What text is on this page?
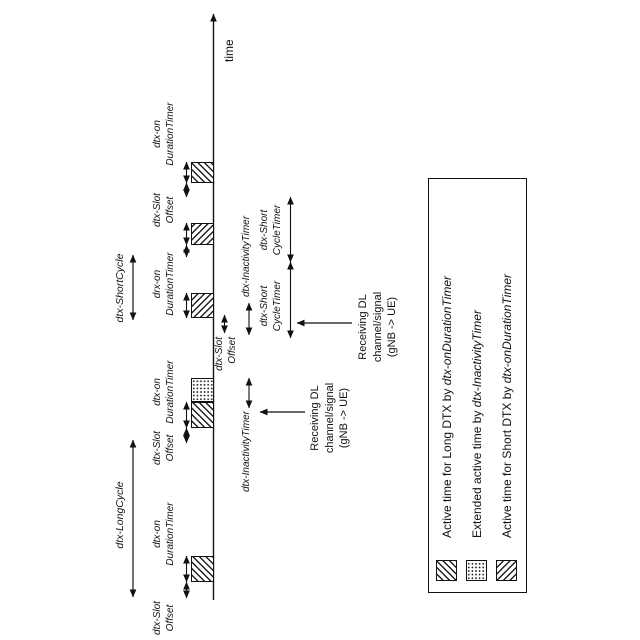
time
dtx-LongCycle
dtx-ShortCycle
dtx-Slot Offset
dtx-on DurationTimer
dtx-Slot Offset
dtx-on DurationTimer
drx-on DurationTimer
dtx-Slot Offset
dtx-on DurationTimer
dtx-Slot Offset
dtx-InactivityTimer
dtx-InactivityTimer
dtx-Short CycleTimer
dtx-Short CycleTimer
Receiving DL channel/signal (gNB -> UE)
Receiving DL channel/signal (gNB -> UE)
Active time for Long DTX by dtx-onDurationTimer
Extended active time by dtx-InactivityTimer
Active time for Short DTX by dtx-onDurationTimer
